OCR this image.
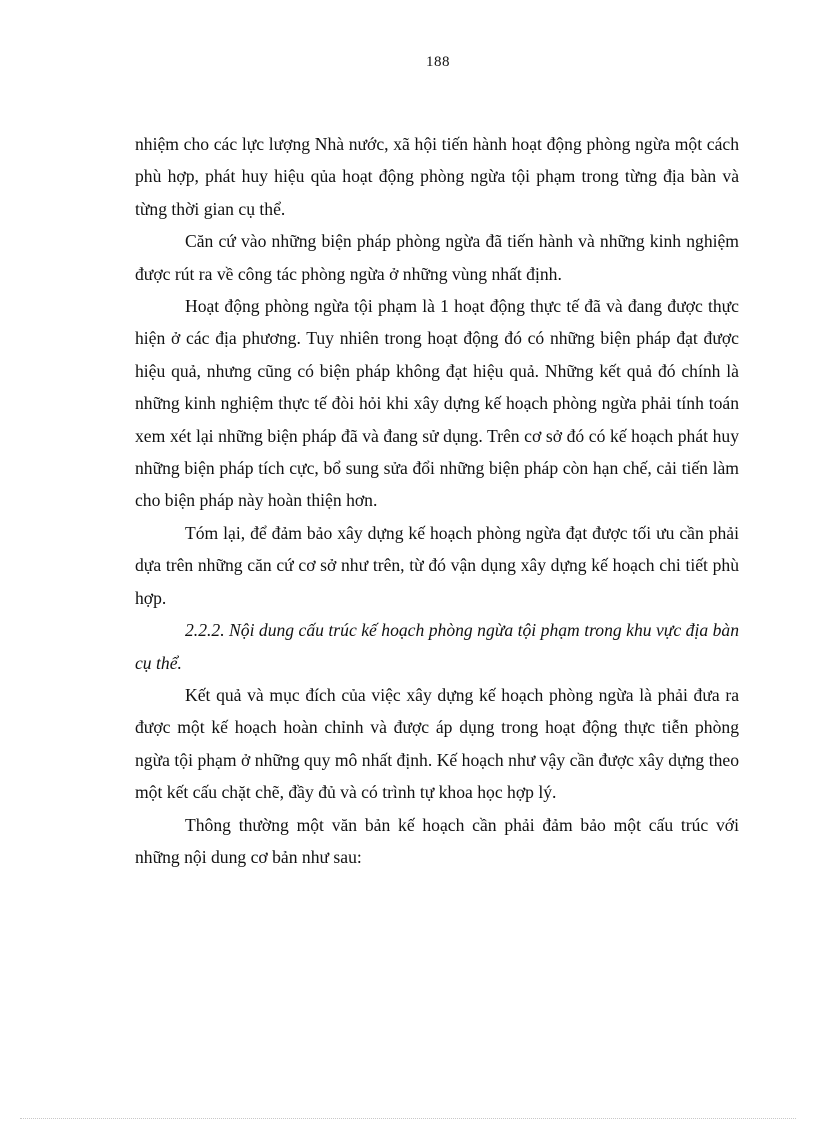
188

nhiệm cho các lực lượng Nhà nước, xã hội tiến hành hoạt động phòng ngừa một cách phù hợp, phát huy hiệu qủa hoạt động phòng ngừa tội phạm trong từng địa bàn và từng thời gian cụ thể.

Căn cứ vào những biện pháp phòng ngừa đã tiến hành và những kinh nghiệm được rút ra về công tác phòng ngừa ở những vùng nhất định.

Hoạt động phòng ngừa tội phạm là 1 hoạt động thực tế đã và đang được thực hiện ở các địa phương. Tuy nhiên trong hoạt động đó có những biện pháp đạt được hiệu quả, nhưng cũng có biện pháp không đạt hiệu quả. Những kết quả đó chính là những kinh nghiệm thực tế đòi hỏi khi xây dựng kế hoạch phòng ngừa phải tính toán xem xét lại những biện pháp đã và đang sử dụng. Trên cơ sở đó có kế hoạch phát huy những biện pháp tích cực, bổ sung sửa đổi những biện pháp còn hạn chế, cải tiến làm cho biện pháp này hoàn thiện hơn.

Tóm lại, để đảm bảo xây dựng kế hoạch phòng ngừa đạt được tối ưu cần phải dựa trên những căn cứ cơ sở như trên, từ đó vận dụng xây dựng kế hoạch chi tiết phù hợp.

2.2.2. Nội dung cấu trúc kế hoạch phòng ngừa tội phạm trong khu vực địa bàn cụ thể.

Kết quả và mục đích của việc xây dựng kế hoạch phòng ngừa là phải đưa ra được một kế hoạch hoàn chỉnh và được áp dụng trong hoạt động thực tiễn phòng ngừa tội phạm ở những quy mô nhất định. Kế hoạch như vậy cần được xây dựng theo một kết cấu chặt chẽ, đầy đủ và có trình tự khoa học hợp lý.

Thông thường một văn bản kế hoạch cần phải đảm bảo một cấu trúc với những nội dung cơ bản như sau:
